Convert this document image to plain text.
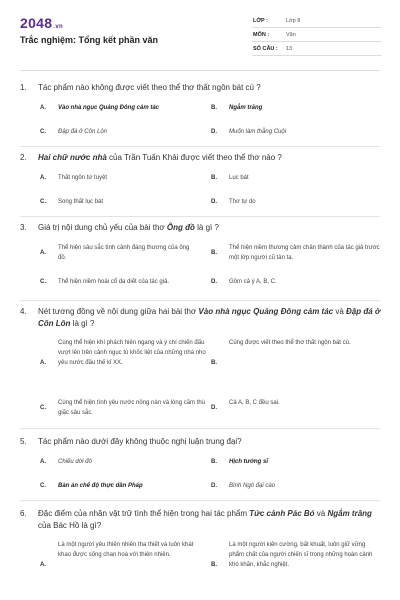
2048.vn
Trắc nghiệm: Tổng kết phần văn
LỚP :	Lớp 8
MÔN :	Văn
SỐ CÂU : 13
1. Tác phẩm nào không được viết theo thể thơ thất ngôn bát cú ?
A. Vào nhà ngục Quảng Đông cảm tác	B. Ngắm trăng
C. Đập đá ở Côn Lôn	D. Muốn làm thằng Cuội
2. Hai chữ nước nhà của Trần Tuấn Khải được viết theo thể thơ nào ?
A. Thất ngôn tứ tuyệt	B. Lục bát
C. Song thất lục bát	D. Thơ tự do
3. Giá trị nội dung chủ yếu của bài thơ Ông đồ là gì ?
A.
Thể hiện sâu sắc tình cảnh đáng thương của ông đồ.
B.
Thể hiện niềm thương cảm chân thành của tác giả trước một lớp người cũ tàn tạ.
C. Thể hiện niềm hoài cổ da diết của tác giả.	D. Gồm cả ý A, B, C.
4. Nét tương đồng về nội dung giữa hai bài thơ Vào nhà ngục Quảng Đông cảm tác và Đập đá ở Côn Lôn là gì ?
A.
Cùng thể hiện khí phách hiên ngang và ý chí chiến đấu vượt lên trên cảnh ngục tù khốc liệt của những nhà nho yêu nước đầu thế kỉ XX.	B.
Cùng được viết theo thể thơ thất ngôn bát cú.
C.
Cùng thể hiện tình yêu nước nồng nàn và lòng căm thù giặc sâu sắc.
D.
Cả A, B, C đều sai.
5. Tác phẩm nào dưới đây không thuộc nghị luận trung đại?
A. Chiếu dời đô	B. Hịch tướng sĩ
C. Bàn án chế độ thực dân Pháp	D. Bình Ngô đại cáo
6. Đặc điểm của nhân vật trữ tình thể hiện trong hai tác phẩm Tức cảnh Pác Bó và Ngắm trăng của Bác Hồ là gì?
A.
Là một người yêu thiên nhiên tha thiết và luôn khát khao được sống chan hoà với thiên nhiên.
B.
Là một người kiên cường, bất khuất, luôn giữ vững phẩm chất của người chiến sĩ trong những hoàn cảnh khó khăn, khắc nghiệt.
